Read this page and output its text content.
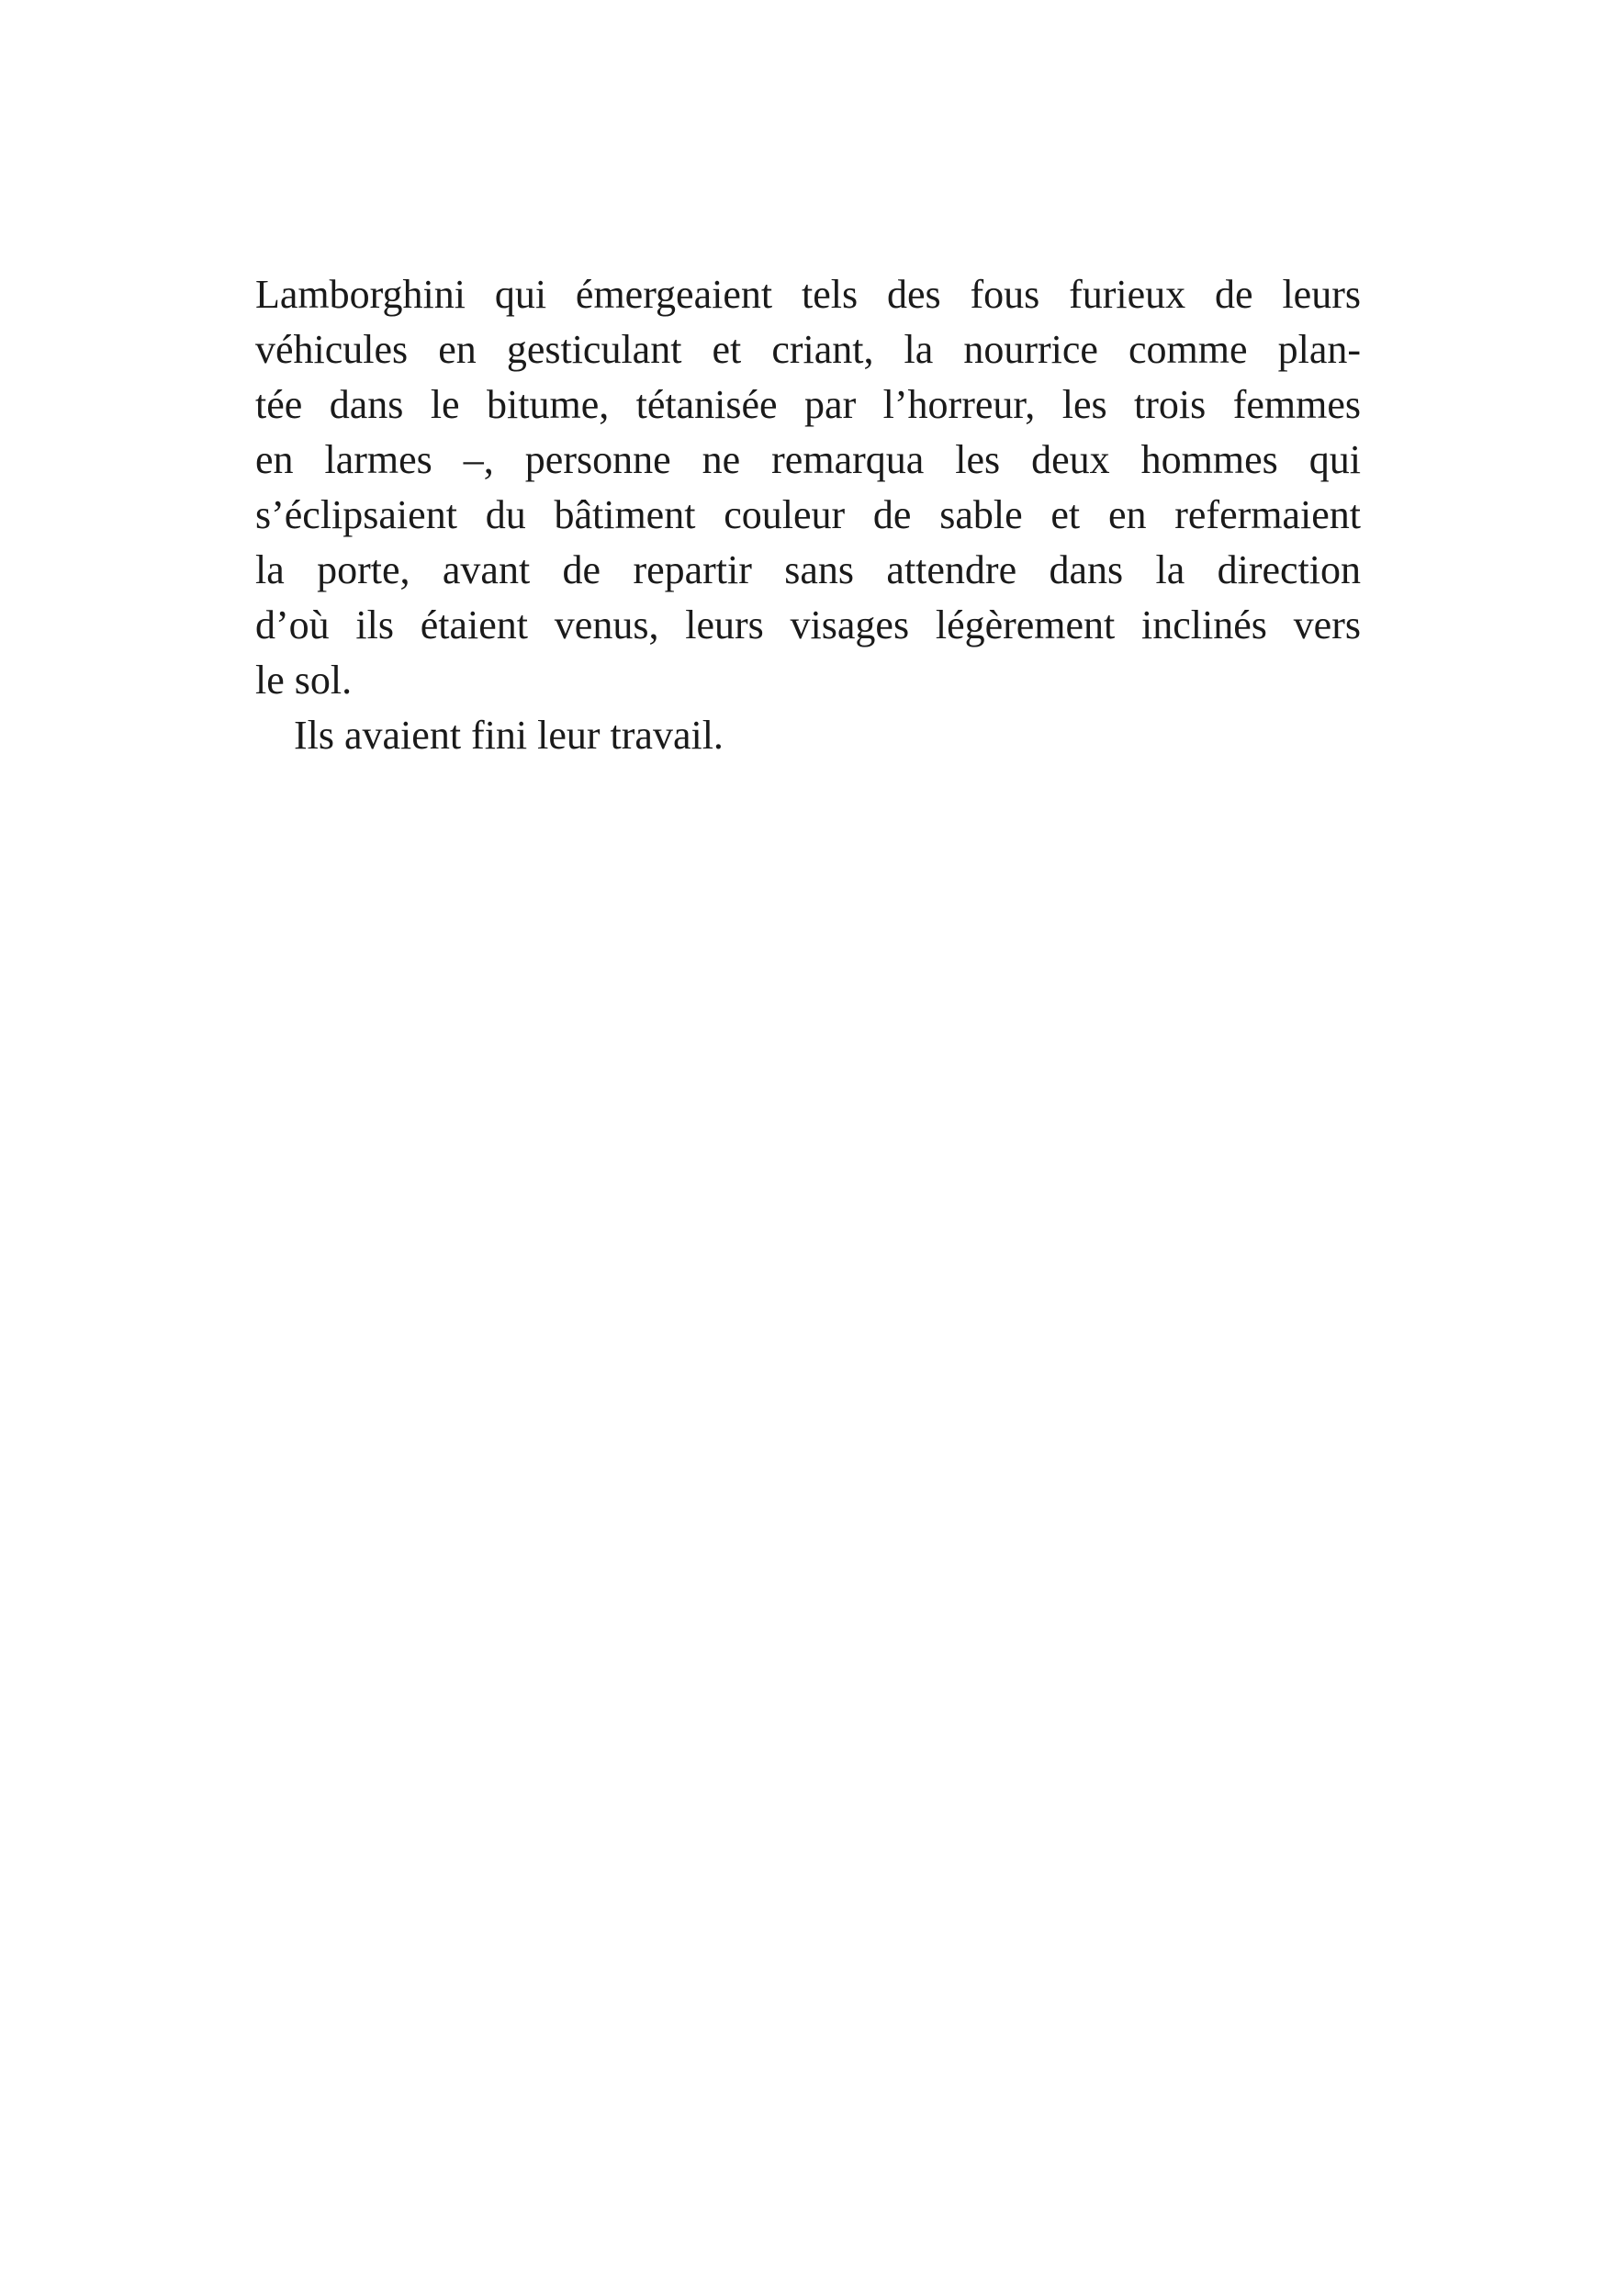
Lamborghini qui émergeaient tels des fous furieux de leurs

véhicules en gesticulant et criant, la nourrice comme plan-

tée dans le bitume, tétanisée par l’horreur, les trois femmes

en larmes –, personne ne remarqua les deux hommes qui

s’éclipsaient du bâtiment couleur de sable et en refermaient

la porte, avant de repartir sans attendre dans la direction

d’où ils étaient venus, leurs visages légèrement inclinés vers

le sol.

Ils avaient fini leur travail.
